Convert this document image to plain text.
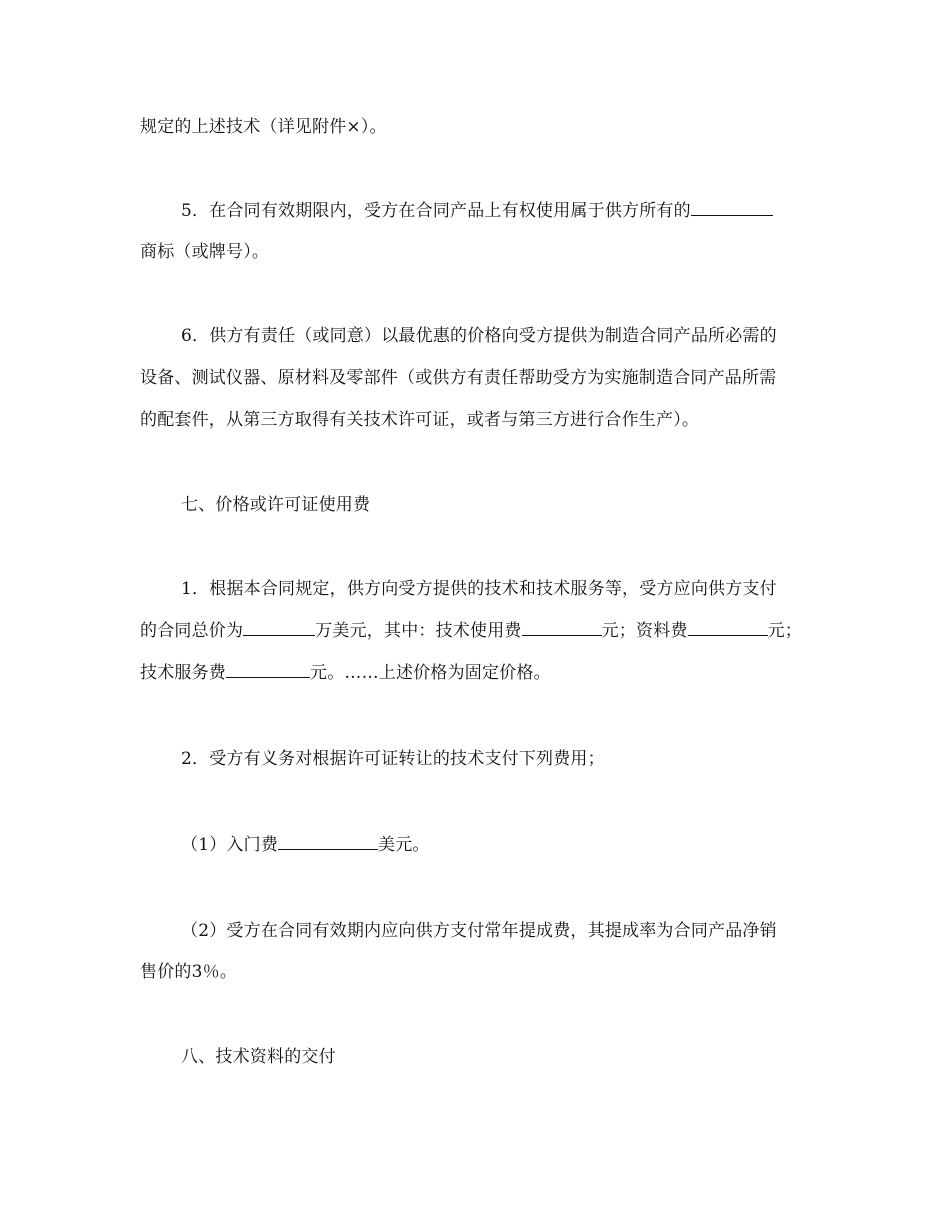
规定的上述技术（详见附件×）。
5．在合同有效期限内，受方在合同产品上有权使用属于供方所有的
商标（或牌号）。
6．供方有责任（或同意）以最优惠的价格向受方提供为制造合同产品所必需的
设备、测试仪器、原材料及零部件（或供方有责任帮助受方为实施制造合同产品所需
的配套件，从第三方取得有关技术许可证，或者与第三方进行合作生产）。
七、价格或许可证使用费
1．根据本合同规定，供方向受方提供的技术和技术服务等，受方应向供方支付
的合同总价为	万美元，其中：技术使用费	元；资料费	元；
技术服务费	元。……上述价格为固定价格。
2．受方有义务对根据许可证转让的技术支付下列费用；
（1）入门费	美元。
（2）受方在合同有效期内应向供方支付常年提成费，其提成率为合同产品净销
售价的3％。
八、技术资料的交付
